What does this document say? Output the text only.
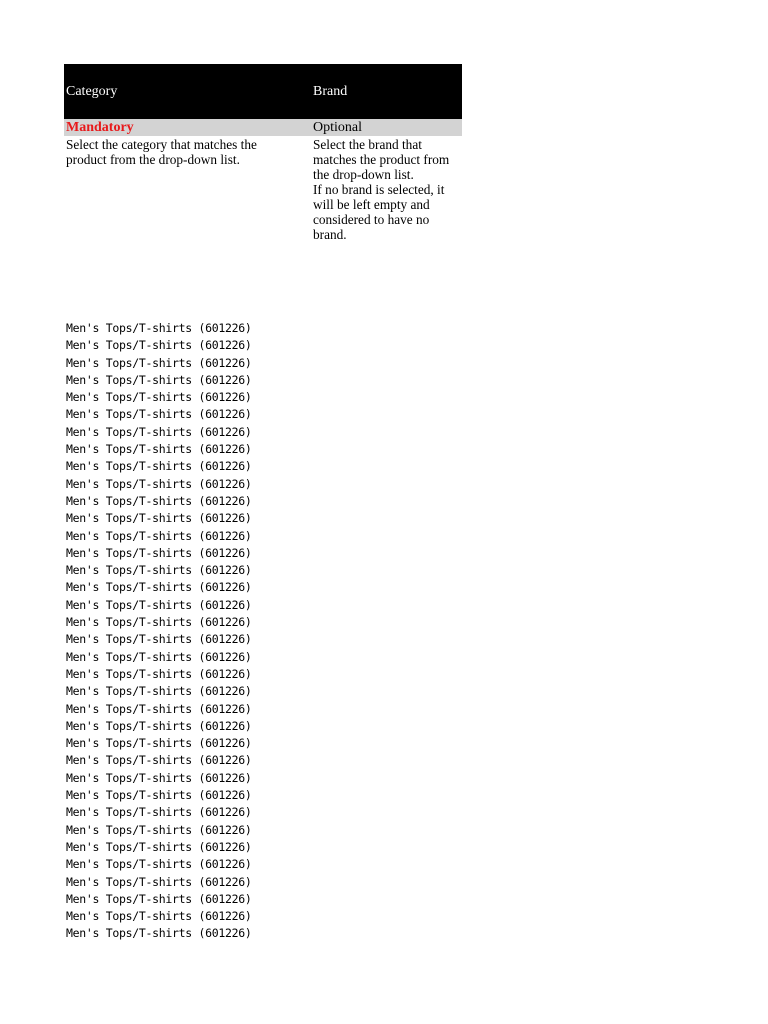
Category	Brand
Mandatory	Optional
Select the category that matches the
product from the drop-down list.
Select the brand that
matches the product from
the drop-down list.
If no brand is selected, it
will be left empty and
considered to have no
brand.
Men's Tops/T-shirts (601226)
Men's Tops/T-shirts (601226)
Men's Tops/T-shirts (601226)
Men's Tops/T-shirts (601226)
Men's Tops/T-shirts (601226)
Men's Tops/T-shirts (601226)
Men's Tops/T-shirts (601226)
Men's Tops/T-shirts (601226)
Men's Tops/T-shirts (601226)
Men's Tops/T-shirts (601226)
Men's Tops/T-shirts (601226)
Men's Tops/T-shirts (601226)
Men's Tops/T-shirts (601226)
Men's Tops/T-shirts (601226)
Men's Tops/T-shirts (601226)
Men's Tops/T-shirts (601226)
Men's Tops/T-shirts (601226)
Men's Tops/T-shirts (601226)
Men's Tops/T-shirts (601226)
Men's Tops/T-shirts (601226)
Men's Tops/T-shirts (601226)
Men's Tops/T-shirts (601226)
Men's Tops/T-shirts (601226)
Men's Tops/T-shirts (601226)
Men's Tops/T-shirts (601226)
Men's Tops/T-shirts (601226)
Men's Tops/T-shirts (601226)
Men's Tops/T-shirts (601226)
Men's Tops/T-shirts (601226)
Men's Tops/T-shirts (601226)
Men's Tops/T-shirts (601226)
Men's Tops/T-shirts (601226)
Men's Tops/T-shirts (601226)
Men's Tops/T-shirts (601226)
Men's Tops/T-shirts (601226)
Men's Tops/T-shirts (601226)
